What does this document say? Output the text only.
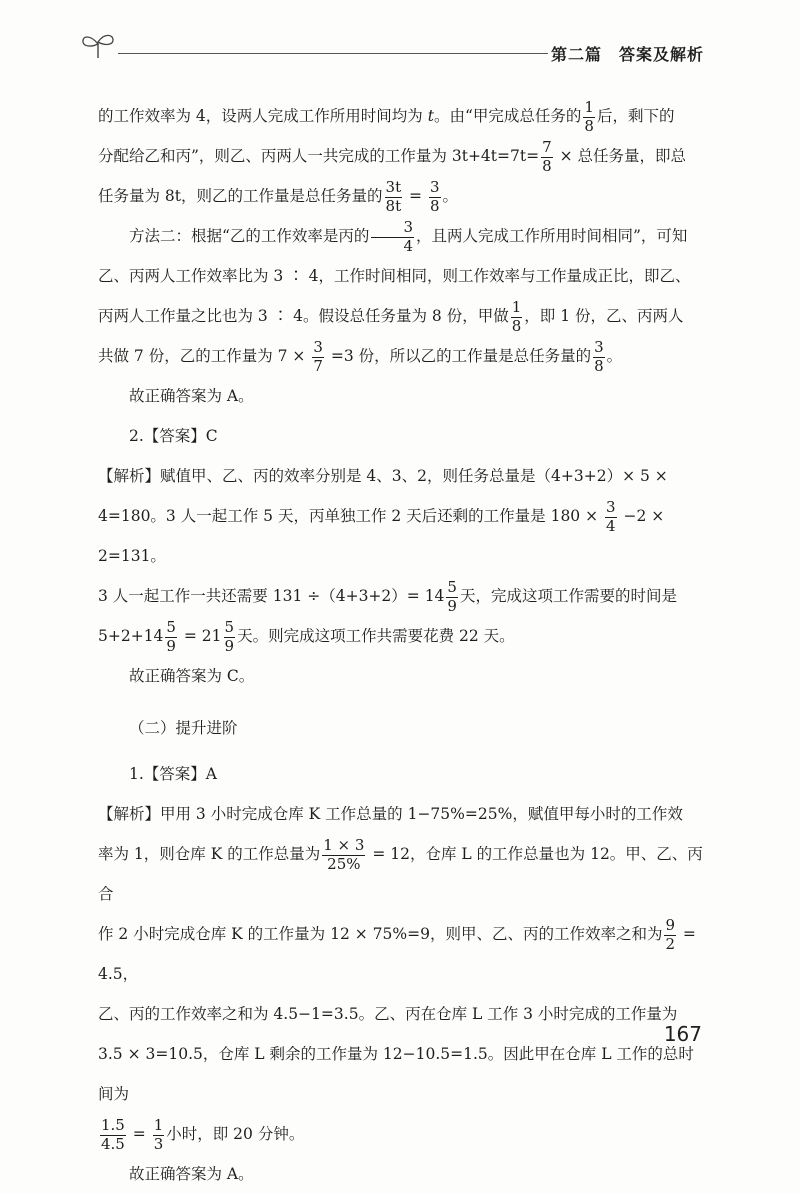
第二篇　答案及解析

的工作效率为 4，设两人完成工作所用时间均为 t。由“甲完成总任务的 $\frac{1}{8}$ 后，剩下的

分配给乙和丙”，则乙、丙两人一共完成的工作量为 $3t+4t=7t= \frac{7}{8}$ × 总任务量，即总

任务量为 8t，则乙的工作量是总任务量的 $\frac{3t}{8t} = \frac{3}{8}$ 。

方法二：根据“乙的工作效率是丙的 $\frac{3}{4}$ ，且两人完成工作所用时间相同”，可知

乙、丙两人工作效率比为 3 ∶ 4，工作时间相同，则工作效率与工作量成正比，即乙、

丙两人工作量之比也为 3 ∶ 4。假设总任务量为 8 份，甲做 $\frac{1}{8}$ ，即 1 份，乙、丙两人

共做 7 份，乙的工作量为 $7 \times \frac{3}{7} =3$ 份，所以乙的工作量是总任务量的 $\frac{3}{8}$ 。

故正确答案为 A。

2.【答案】C

【解析】赋值甲、乙、丙的效率分别是 4、3、2，则任务总量是（4+3+2）× 5 ×

4=180。3 人一起工作 5 天，丙单独工作 2 天后还剩的工作量是 $180 \times \frac{3}{4} -2 \times 2=131$。

3 人一起工作一共还需要 $131 \div(4+3+2)= 14 \frac{5}{9}$ 天，完成这项工作需要的时间是

$5+2+14 \frac{5}{9} = 21 \frac{5}{9}$ 天。则完成这项工作共需要花费 22 天。

故正确答案为 C。

（二）提升进阶

1.【答案】A

【解析】甲用 3 小时完成仓库 K 工作总量的 1−75%=25%，赋值甲每小时的工作效

率为 1，则仓库 K 的工作总量为 $\frac{1 \times 3}{25\%} = 12$，仓库 L 的工作总量也为 12。甲、乙、丙合

作 2 小时完成仓库 K 的工作量为 12 × 75%=9，则甲、乙、丙的工作效率之和为 $\frac{9}{2} = 4.5$，

乙、丙的工作效率之和为 4.5−1=3.5。乙、丙在仓库 L 工作 3 小时完成的工作量为

3.5 × 3=10.5，仓库 L 剩余的工作量为 12−10.5=1.5。因此甲在仓库 L 工作的总时间为

$\frac{1.5}{4.5} = \frac{1}{3}$ 小时，即 20 分钟。

故正确答案为 A。

167
